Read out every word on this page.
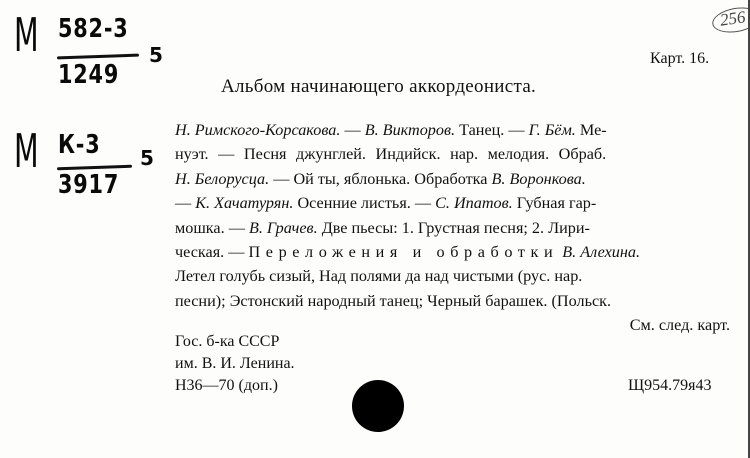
М 582-3
1249
5
М К-3
3917
5
256
Карт. 16.
Альбом начинающего аккордеониста.
Н. Римского-Корсакова. — В. Викторов. Танец. — Г. Бём. Ме-
нуэт. — Песня джунглей. Индийск. нар. мелодия. Обраб.
Н. Белорусца. — Ой ты, яблонька. Обработка В. Воронкова.
— К. Хачатурян. Осенние листья. — С. Ипатов. Губная гар-
мошка. — В. Грачев. Две пьесы: 1. Грустная песня; 2. Лири-
ческая. — Переложения и обработки В. Алехина.
Летел голубь сизый, Над полями да над чистыми (рус. нар.
песни); Эстонский народный танец; Черный барашек. (Польск.
См. след. карт.
Гос. б-ка СССР
им. В. И. Ленина.
Н36—70 (доп.)	Щ954.79я43
